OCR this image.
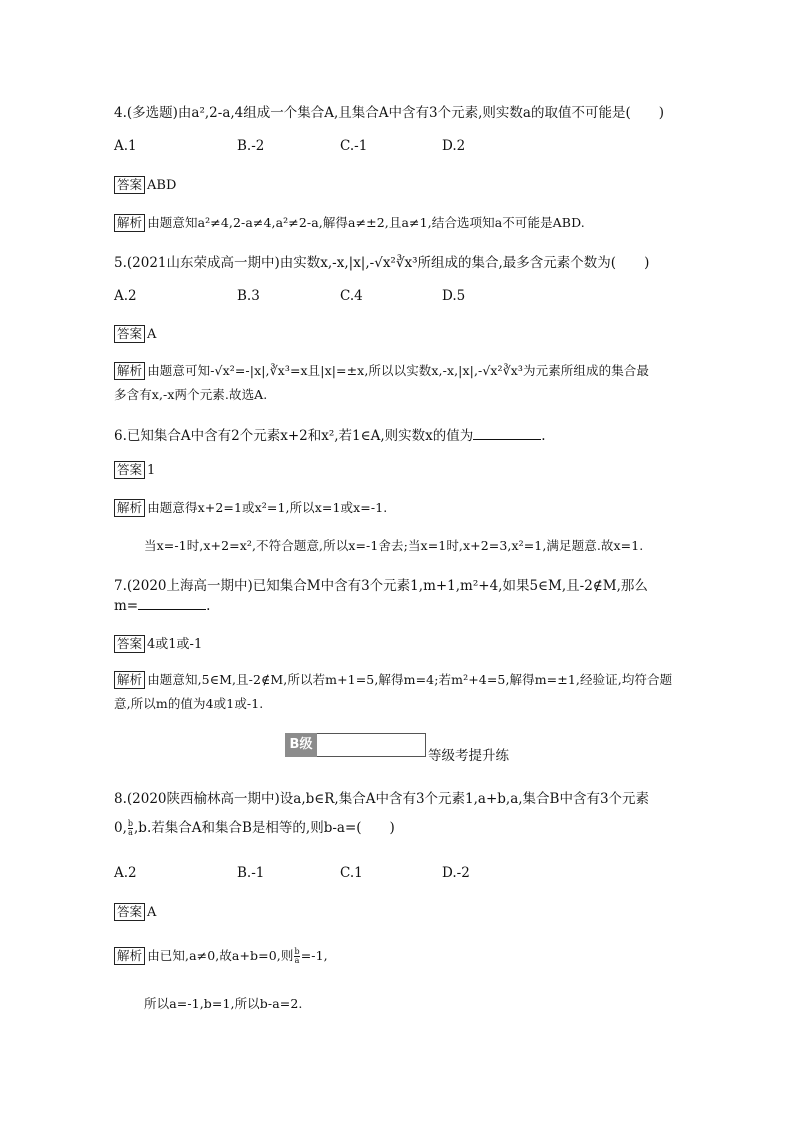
4.(多选题)由a²,2-a,4组成一个集合A,且集合A中含有3个元素,则实数a的取值不可能是( )
A.1	B.-2	C.-1	D.2
答案 ABD
解析 由题意知a²≠4,2-a≠4,a²≠2-a,解得a≠±2,且a≠1,结合选项知a不可能是ABD.
5.(2021山东荣成高一期中)由实数x,-x,|x|,-√x²∛x³所组成的集合,最多含元素个数为( )
A.2	B.3	C.4	D.5
答案 A
解析 由题意可知-√x²=-|x|,∛x³=x且|x|=±x,所以以实数x,-x,|x|,-√x²∛x³为元素所组成的集合最
多含有x,-x两个元素.故选A.
6.已知集合A中含有2个元素x+2和x²,若1∈A,则实数x的值为	.
答案 1
解析 由题意得x+2=1或x²=1,所以x=1或x=-1.
当x=-1时,x+2=x²,不符合题意,所以x=-1舍去;当x=1时,x+2=3,x²=1,满足题意.故x=1.
7.(2020上海高一期中)已知集合M中含有3个元素1,m+1,m²+4,如果5∈M,且-2∉M,那么
m=	.
答案 4或1或-1
解析 由题意知,5∈M,且-2∉M,所以若m+1=5,解得m=4;若m²+4=5,解得m=±1,经验证,均符合题
意,所以m的值为4或1或-1.
B级
等级考提升练
8.(2020陕西榆林高一期中)设a,b∈R,集合A中含有3个元素1,a+b,a,集合B中含有3个元素
0, $\frac{b}{a} ,b$.若集合A和集合B是相等的,则b-a=( )
A.2	B.-1	C.1	D.-2
答案 A
解析 由已知,a≠0,故a+b=0,则 $\frac{b}{a} =-1$,
所以a=-1,b=1,所以b-a=2.
